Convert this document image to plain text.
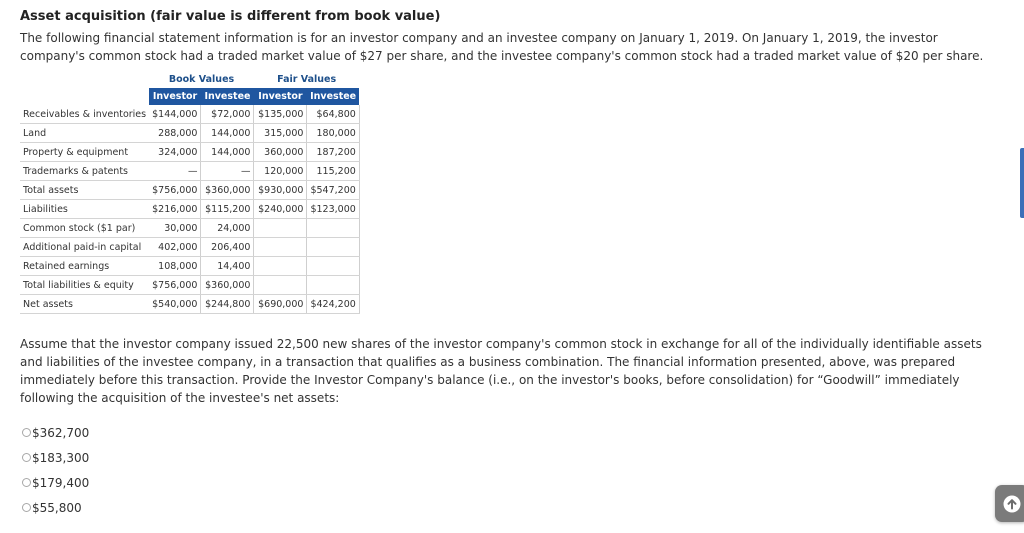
Asset acquisition (fair value is different from book value)

The following financial statement information is for an investor company and an investee company on January 1, 2019. On January 1, 2019, the investor company's common stock had a traded market value of $27 per share, and the investee company's common stock had a traded market value of $20 per share.

	Book Values		Fair Values	
	Investor	Investee	Investor	Investee
Receivables & inventories	$144,000	$72,000	$135,000	$64,800
Land	288,000	144,000	315,000	180,000
Property & equipment	324,000	144,000	360,000	187,200
Trademarks & patents	—	—	120,000	115,200
Total assets	$756,000	$360,000	$930,000	$547,200
Liabilities	$216,000	$115,200	$240,000	$123,000
Common stock ($1 par)	30,000	24,000		
Additional paid-in capital	402,000	206,400		
Retained earnings	108,000	14,400		
Total liabilities & equity	$756,000	$360,000		
Net assets	$540,000	$244,800	$690,000	$424,200

Assume that the investor company issued 22,500 new shares of the investor company's common stock in exchange for all of the individually identifiable assets and liabilities of the investee company, in a transaction that qualifies as a business combination. The financial information presented, above, was prepared immediately before this transaction. Provide the Investor Company's balance (i.e., on the investor's books, before consolidation) for “Goodwill” immediately following the acquisition of the investee's net assets:

$362,700
$183,300
$179,400
$55,800
